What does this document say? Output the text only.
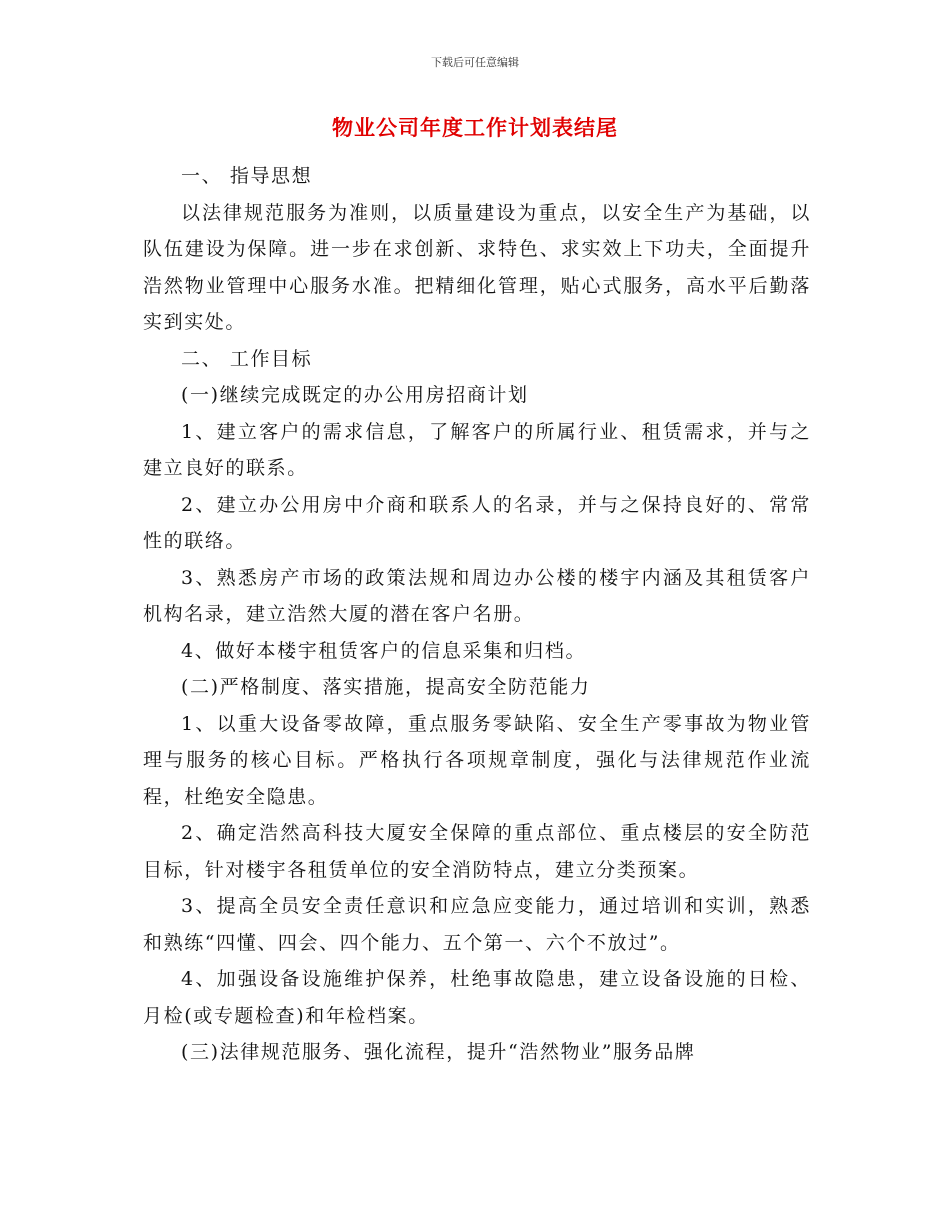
下载后可任意编辑
物业公司年度工作计划表结尾

一、 指导思想

以法律规范服务为准则，以质量建设为重点，以安全生产为基础，以队伍建设为保障。进一步在求创新、求特色、求实效上下功夫，全面提升浩然物业管理中心服务水准。把精细化管理，贴心式服务，高水平后勤落实到实处。

二、 工作目标

(一)继续完成既定的办公用房招商计划

1、建立客户的需求信息，了解客户的所属行业、租赁需求，并与之建立良好的联系。

2、建立办公用房中介商和联系人的名录，并与之保持良好的、常常性的联络。

3、熟悉房产市场的政策法规和周边办公楼的楼宇内涵及其租赁客户机构名录，建立浩然大厦的潜在客户名册。

4、做好本楼宇租赁客户的信息采集和归档。

(二)严格制度、落实措施，提高安全防范能力

1、以重大设备零故障，重点服务零缺陷、安全生产零事故为物业管理与服务的核心目标。严格执行各项规章制度，强化与法律规范作业流程，杜绝安全隐患。

2、确定浩然高科技大厦安全保障的重点部位、重点楼层的安全防范目标，针对楼宇各租赁单位的安全消防特点，建立分类预案。

3、提高全员安全责任意识和应急应变能力，通过培训和实训，熟悉和熟练“四懂、四会、四个能力、五个第一、六个不放过”。

4、加强设备设施维护保养，杜绝事故隐患，建立设备设施的日检、月检(或专题检查)和年检档案。

(三)法律规范服务、强化流程，提升“浩然物业”服务品牌
